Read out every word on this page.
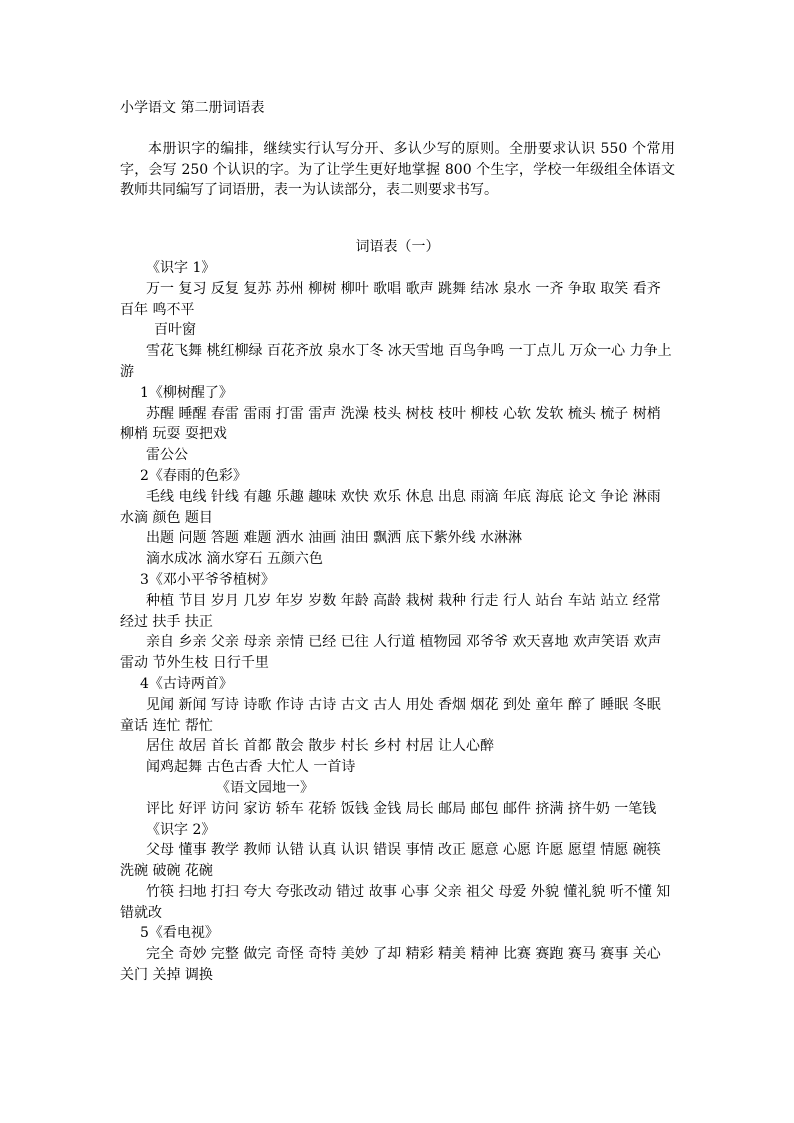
小学语文 第二册词语表

本册识字的编排，继续实行认写分开、多认少写的原则。全册要求认识 550 个常用字，会写 250 个认识的字。为了让学生更好地掌握 800 个生字，学校一年级组全体语文教师共同编写了词语册，表一为认读部分，表二则要求书写。

词语表（一）

《识字 1》

万一 复习 反复 复苏 苏州 柳树 柳叶 歌唱 歌声 跳舞 结冰 泉水 一齐 争取 取笑 看齐 百年 鸣不平

百叶窗

雪花飞舞 桃红柳绿 百花齐放 泉水丁冬 冰天雪地 百鸟争鸣 一丁点儿 万众一心 力争上游

1《柳树醒了》

苏醒 睡醒 春雷 雷雨 打雷 雷声 洗澡 枝头 树枝 枝叶 柳枝 心软 发软 梳头 梳子 树梢 柳梢 玩耍 耍把戏

雷公公

2《春雨的色彩》

毛线 电线 针线 有趣 乐趣 趣味 欢快 欢乐 休息 出息 雨滴 年底 海底 论文 争论 淋雨 水滴 颜色 题目

出题 问题 答题 难题 洒水 油画 油田 飘洒 底下紫外线 水淋淋

滴水成冰 滴水穿石 五颜六色

3《邓小平爷爷植树》

种植 节目 岁月 几岁 年岁 岁数 年龄 高龄 栽树 栽种 行走 行人 站台 车站 站立 经常 经过 扶手 扶正

亲自 乡亲 父亲 母亲 亲情 已经 已往 人行道 植物园 邓爷爷 欢天喜地 欢声笑语 欢声雷动 节外生枝 日行千里

4《古诗两首》

见闻 新闻 写诗 诗歌 作诗 古诗 古文 古人 用处 香烟 烟花 到处 童年 醉了 睡眠 冬眠 童话 连忙 帮忙

居住 故居 首长 首都 散会 散步 村长 乡村 村居 让人心醉

闻鸡起舞 古色古香 大忙人 一首诗

《语文园地一》

评比 好评 访问 家访 轿车 花轿 饭钱 金钱 局长 邮局 邮包 邮件 挤满 挤牛奶 一笔钱

《识字 2》

父母 懂事 教学 教师 认错 认真 认识 错误 事情 改正 愿意 心愿 许愿 愿望 情愿 碗筷 洗碗 破碗 花碗

竹筷 扫地 打扫 夸大 夸张改动 错过 故事 心事 父亲 祖父 母爱 外貌 懂礼貌 听不懂 知错就改

5《看电视》

完全 奇妙 完整 做完 奇怪 奇特 美妙 了却 精彩 精美 精神 比赛 赛跑 赛马 赛事 关心 关门 关掉 调换
